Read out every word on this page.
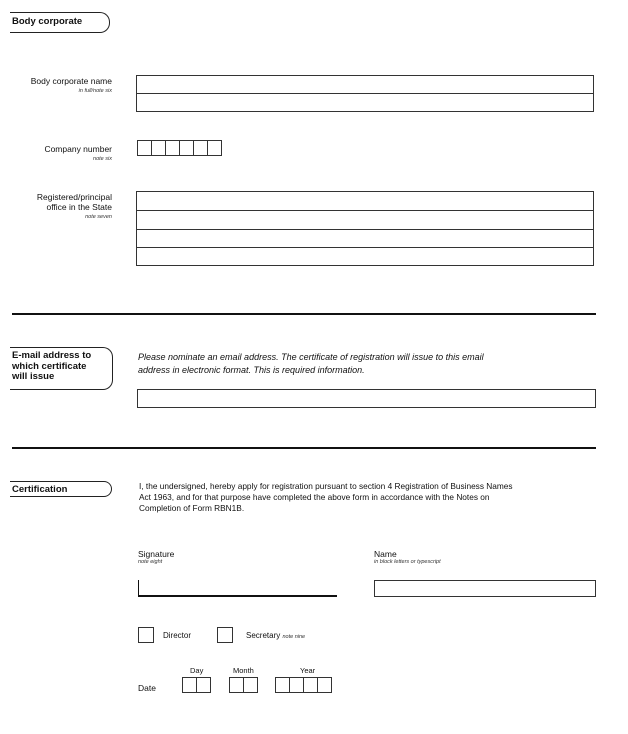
Body corporate
Body corporate name
in full/note six
Company number
note six
Registered/principal
office in the State
note seven
E-mail address to
which certificate
will issue
Please nominate an email address. The certificate of registration will issue to this email
address in electronic format. This is required information.
Certification	I, the undersigned, hereby apply for registration pursuant to section 4 Registration of Business Names
Act 1963, and for that purpose have completed the above form in accordance with the Notes on
Completion of Form RBN1B.
Signature
note eight
Name
in block letters or typescript
Director	Secretary note nine
Day	Month	Year
Date
